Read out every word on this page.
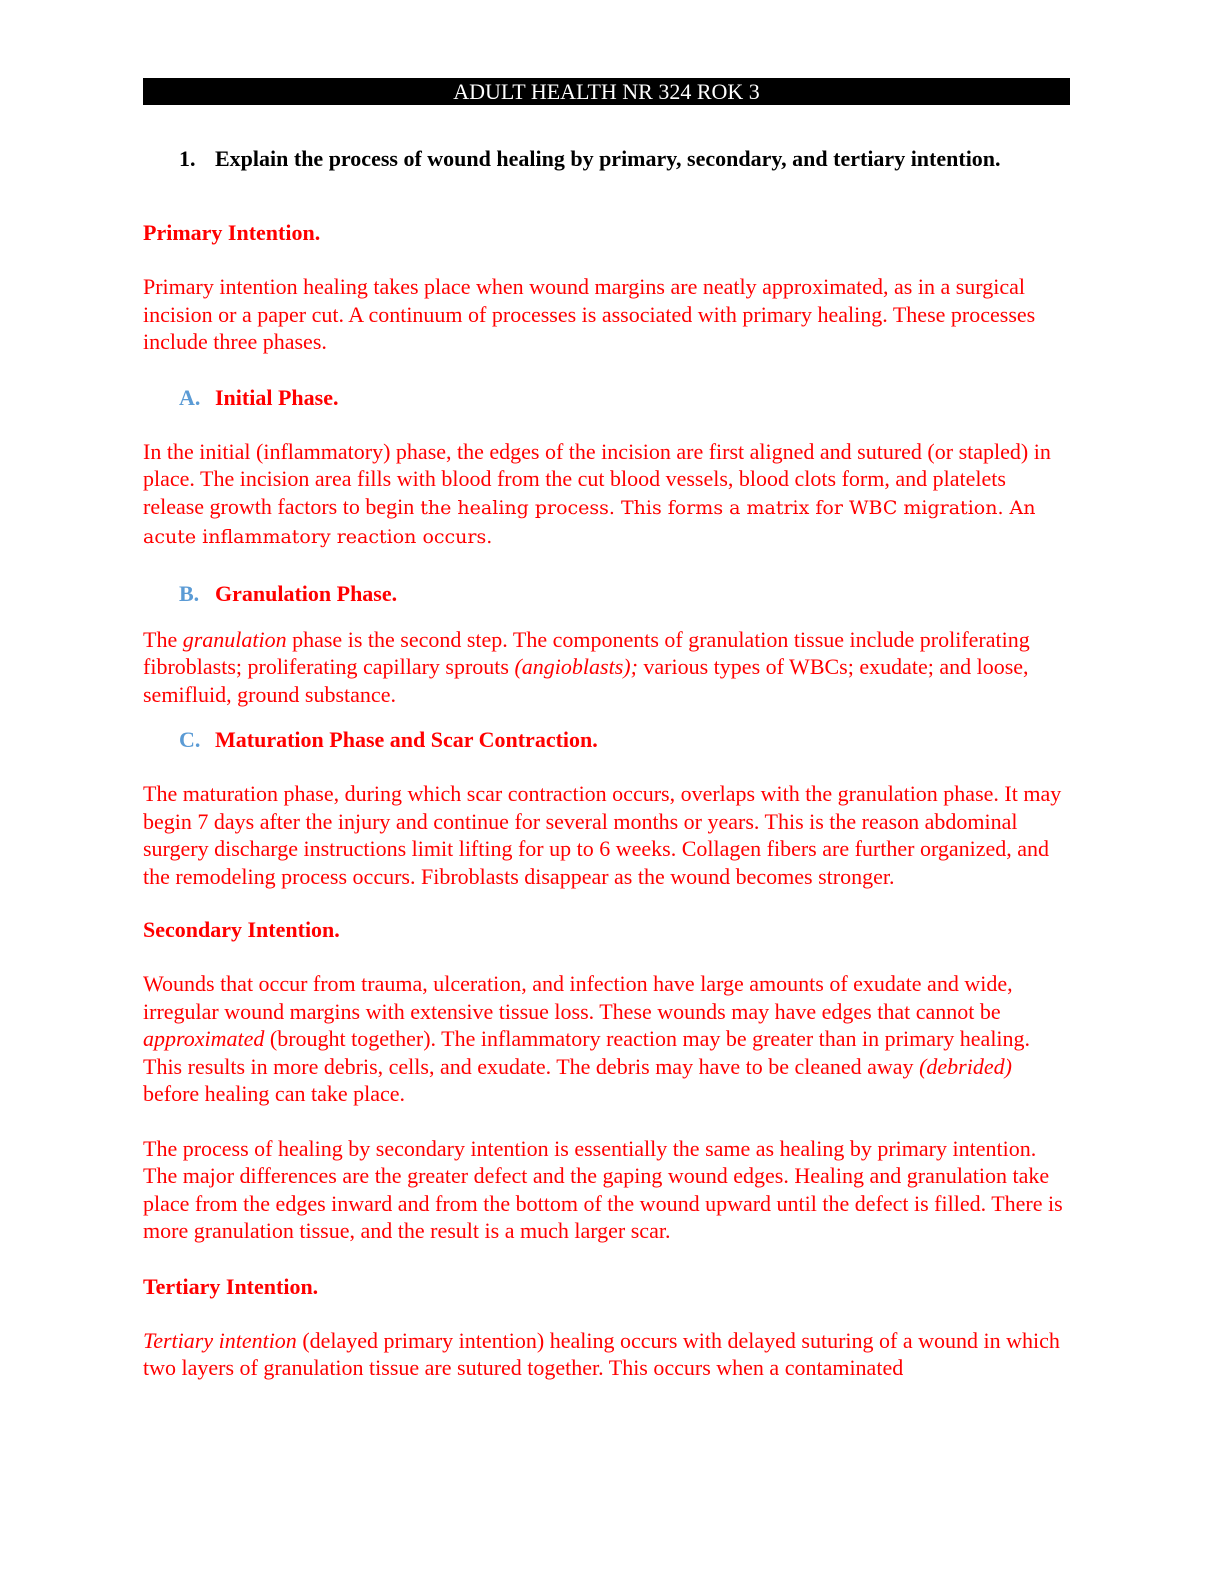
ADULT HEALTH NR 324 ROK 3
1. Explain the process of wound healing by primary, secondary, and tertiary intention.
Primary Intention.

Primary intention healing takes place when wound margins are neatly approximated, as in a surgical incision or a paper cut. A continuum of processes is associated with primary healing. These processes include three phases.

A. Initial Phase.

In the initial (inflammatory) phase, the edges of the incision are first aligned and sutured (or stapled) in place. The incision area fills with blood from the cut blood vessels, blood clots form, and platelets release growth factors to begin the healing process. This forms a matrix for WBC migration. An acute inflammatory reaction occurs.

B. Granulation Phase.

The granulation phase is the second step. The components of granulation tissue include proliferating fibroblasts; proliferating capillary sprouts (angioblasts); various types of WBCs; exudate; and loose, semifluid, ground substance.

C. Maturation Phase and Scar Contraction.

The maturation phase, during which scar contraction occurs, overlaps with the granulation phase. It may begin 7 days after the injury and continue for several months or years. This is the reason abdominal surgery discharge instructions limit lifting for up to 6 weeks. Collagen fibers are further organized, and the remodeling process occurs. Fibroblasts disappear as the wound becomes stronger.

Secondary Intention.

Wounds that occur from trauma, ulceration, and infection have large amounts of exudate and wide, irregular wound margins with extensive tissue loss. These wounds may have edges that cannot be approximated (brought together). The inflammatory reaction may be greater than in primary healing. This results in more debris, cells, and exudate. The debris may have to be cleaned away (debrided) before healing can take place.

The process of healing by secondary intention is essentially the same as healing by primary intention. The major differences are the greater defect and the gaping wound edges. Healing and granulation take place from the edges inward and from the bottom of the wound upward until the defect is filled. There is more granulation tissue, and the result is a much larger scar.

Tertiary Intention.

Tertiary intention (delayed primary intention) healing occurs with delayed suturing of a wound in which two layers of granulation tissue are sutured together. This occurs when a contaminated
